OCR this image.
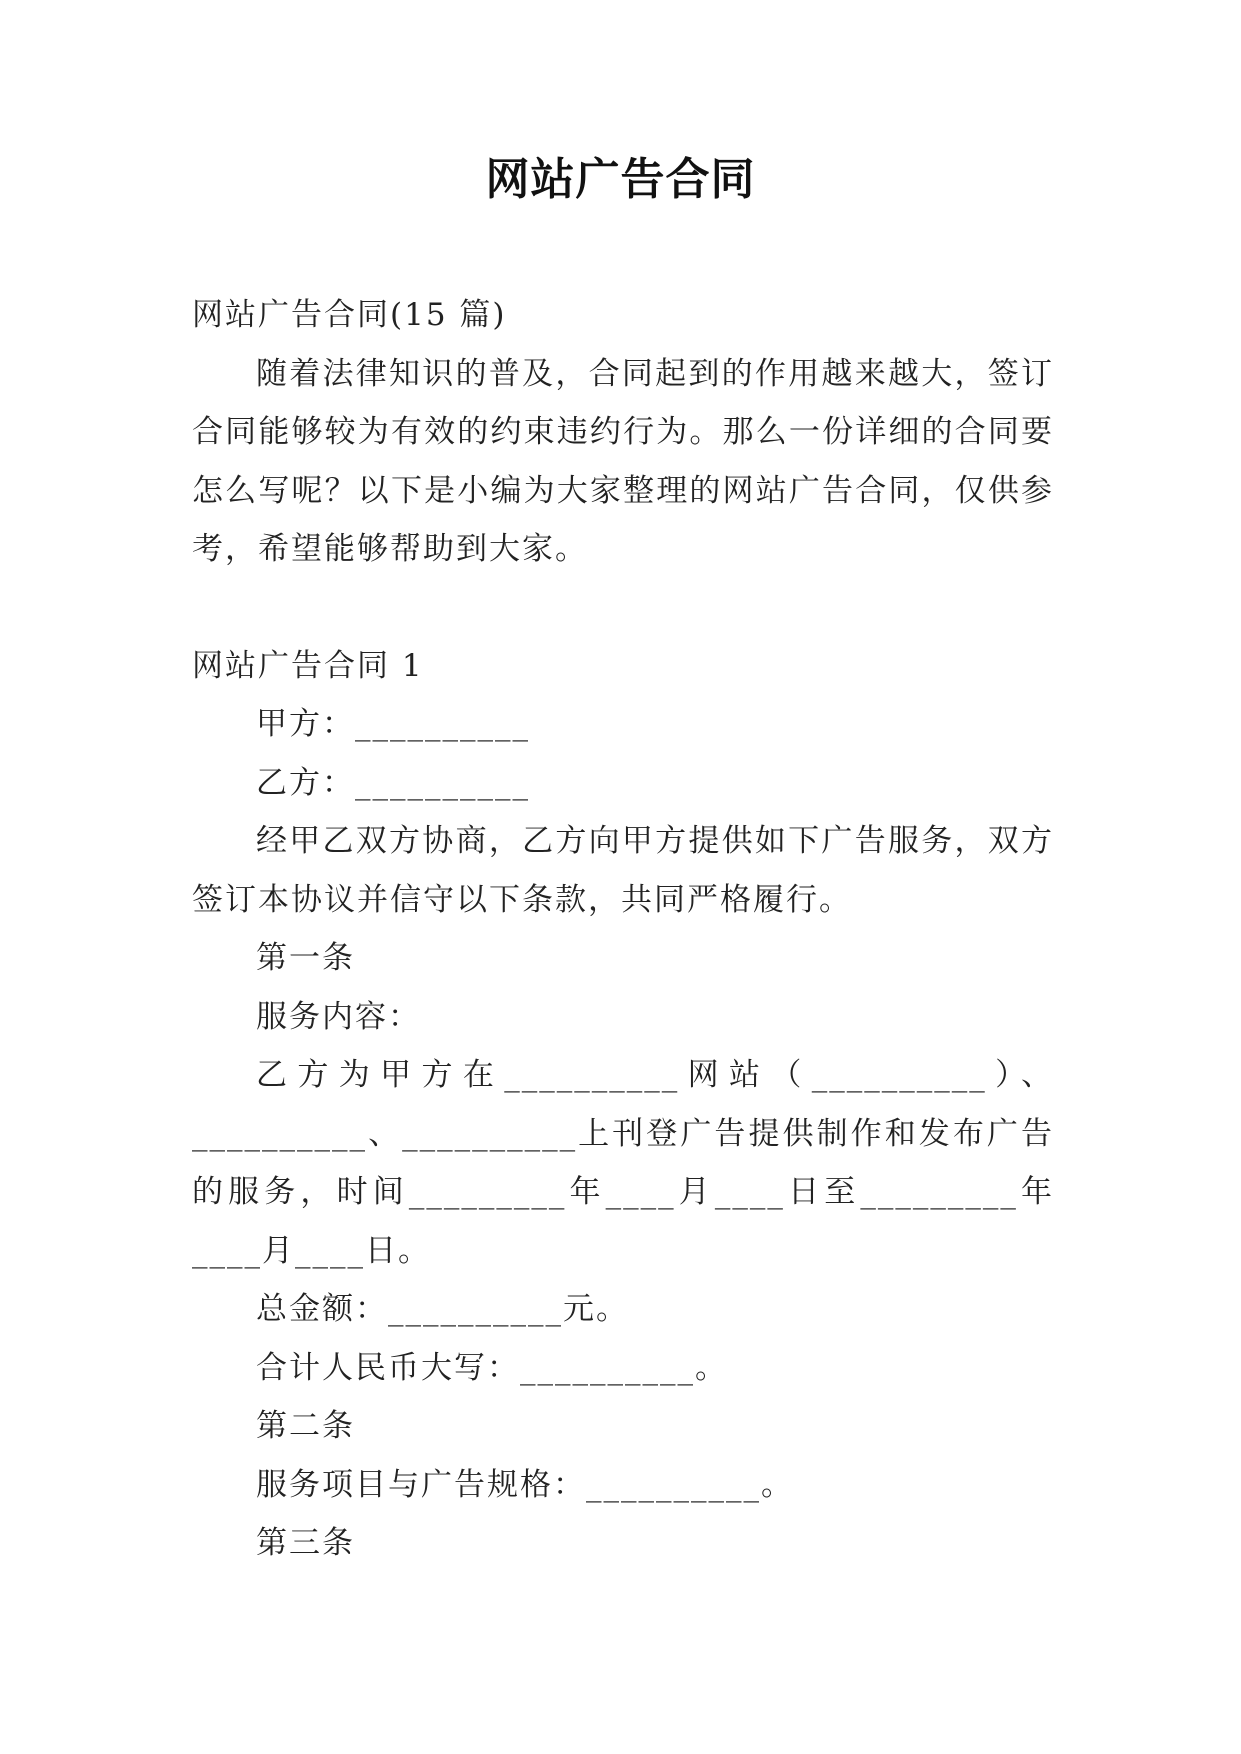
网站广告合同

网站广告合同(15 篇)

随着法律知识的普及，合同起到的作用越来越大，签订合同能够较为有效的约束违约行为。那么一份详细的合同要怎么写呢？以下是小编为大家整理的网站广告合同，仅供参考，希望能够帮助到大家。

网站广告合同 1

甲方：__________

乙方：__________

经甲乙双方协商，乙方向甲方提供如下广告服务，双方签订本协议并信守以下条款，共同严格履行。

第一条

服务内容：

乙方为甲方在__________网站（__________）、__________、__________上刊登广告提供制作和发布广告的服务，时间_________年____月____日至_________年____月____日。

总金额：__________元。

合计人民币大写：__________。

第二条

服务项目与广告规格：__________。

第三条
